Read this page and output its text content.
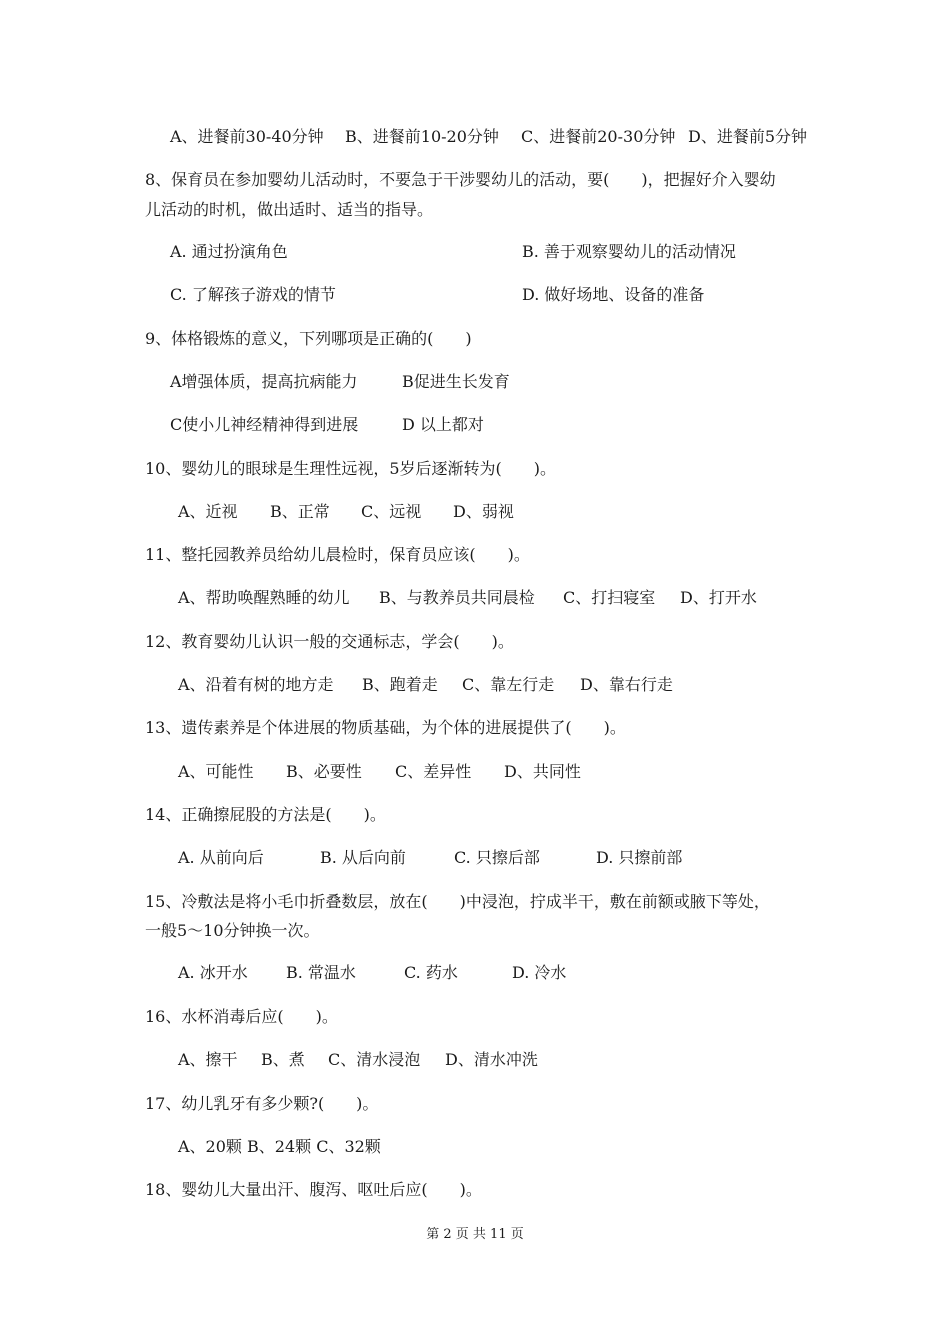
A、进餐前30-40分钟 B、进餐前10-20分钟 C、进餐前20-30分钟 D、进餐前5分钟
8、保育员在参加婴幼儿活动时，不要急于干涉婴幼儿的活动，要(　　)，把握好介入婴幼
儿活动的时机，做出适时、适当的指导。
A. 通过扮演角色	B. 善于观察婴幼儿的活动情况
C. 了解孩子游戏的情节	D. 做好场地、设备的准备
9、体格锻炼的意义，下列哪项是正确的(　　)
A增强体质，提高抗病能力	B促进生长发育
C使小儿神经精神得到进展	D 以上都对
10、婴幼儿的眼球是生理性远视，5岁后逐渐转为(　　)。
A、近视 B、正常 C、远视 D、弱视
11、整托园教养员给幼儿晨检时，保育员应该(　　)。
A、帮助唤醒熟睡的幼儿 B、与教养员共同晨检 C、打扫寝室 D、打开水
12、教育婴幼儿认识一般的交通标志，学会(　　)。
A、沿着有树的地方走 B、跑着走 C、靠左行走 D、靠右行走
13、遗传素养是个体进展的物质基础，为个体的进展提供了(　　)。
A、可能性 B、必要性 C、差异性 D、共同性
14、正确擦屁股的方法是(　　)。
A. 从前向后	B. 从后向前	C. 只擦后部	D. 只擦前部
15、冷敷法是将小毛巾折叠数层，放在(　　)中浸泡，拧成半干，敷在前额或腋下等处，
一般5～10分钟换一次。
A. 冰开水 B. 常温水	C. 药水	D. 冷水
16、水杯消毒后应(　　)。
A、擦干 B、煮 C、清水浸泡 D、清水冲洗
17、幼儿乳牙有多少颗?(　　)。
A、20颗 B、24颗 C、32颗
18、婴幼儿大量出汗、腹泻、呕吐后应(　　)。
第 2 页 共 11 页
